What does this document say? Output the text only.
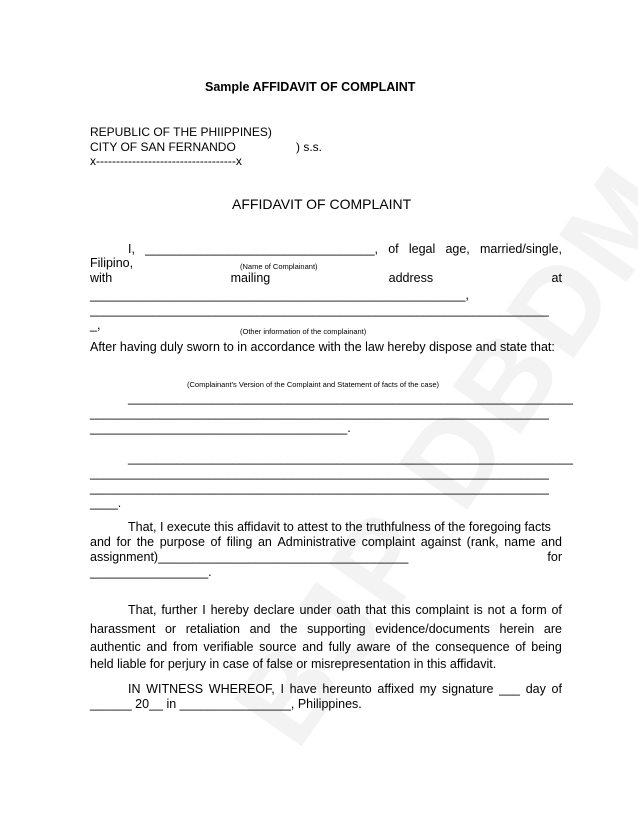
Sample AFFIDAVIT OF COMPLAINT
REPUBLIC OF THE PHIIPPINES)
CITY OF SAN FERNANDO	) s.s.
x-----------------------------------x
AFFIDAVIT OF COMPLAINT
I, _________________________________, of legal age, married/single,
Filipino,	(Name of Complainant)
with	mailing	address	at
______________________________________________________,
__________________________________________________________________
_,	(Other information of the complainant)
After having duly sworn to in accordance with the law hereby dispose and state that:
(Complainant's Version of the Complaint and Statement of facts of the case)
________________________________________________________________
__________________________________________________________________
_____________________________________.
________________________________________________________________
__________________________________________________________________
__________________________________________________________________
____.
That, I execute this affidavit to attest to the truthfulness of the foregoing facts
and for the purpose of filing an Administrative complaint against (rank, name and
assignment)____________________________________	for
_________________.
That, further I hereby declare under oath that this complaint is not a form of
harassment or retaliation and the supporting evidence/documents herein are
authentic and from verifiable source and fully aware of the consequence of being
held liable for perjury in case of false or misrepresentation in this affidavit.
IN WITNESS WHEREOF, I have hereunto affixed my signature ___ day of
______ 20__ in ________________, Philippines.
